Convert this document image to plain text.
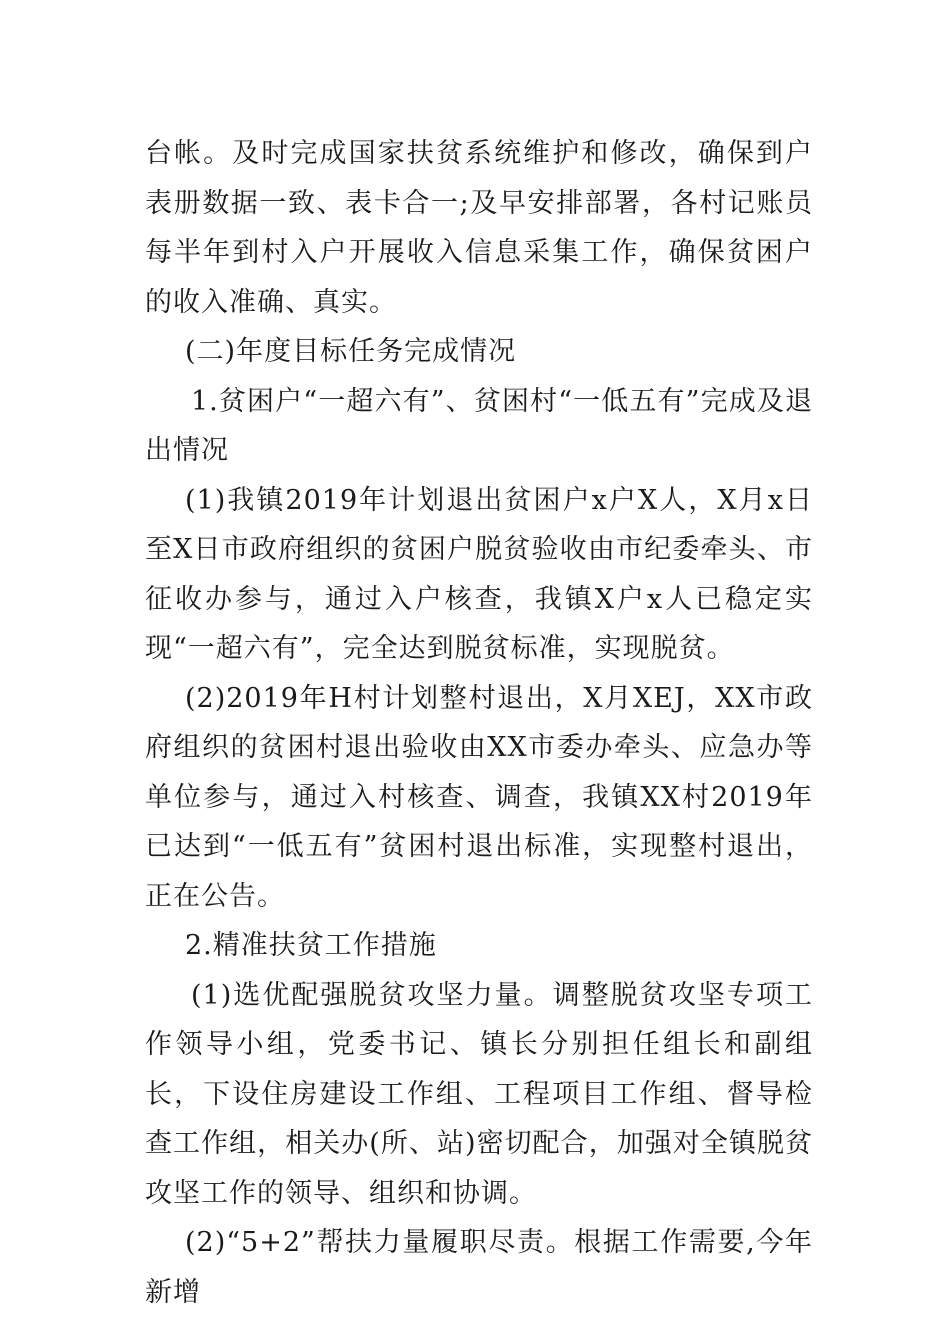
台帐。及时完成国家扶贫系统维护和修改，确保到户表册数据一致、表卡合一;及早安排部署，各村记账员每半年到村入户开展收入信息采集工作，确保贫困户的收入准确、真实。

(二)年度目标任务完成情况

1.贫困户“一超六有”、贫困村“一低五有”完成及退出情况

(1)我镇2019年计划退出贫困户x户X人，X月x日至X日市政府组织的贫困户脱贫验收由市纪委牵头、市征收办参与，通过入户核查，我镇X户x人已稳定实现“一超六有”，完全达到脱贫标准，实现脱贫。

(2)2019年H村计划整村退出，X月XEJ，XX市政府组织的贫困村退出验收由XX市委办牵头、应急办等单位参与，通过入村核查、调查，我镇XX村2019年已达到“一低五有”贫困村退出标准，实现整村退出，正在公告。

2.精准扶贫工作措施

(1)选优配强脱贫攻坚力量。调整脱贫攻坚专项工作领导小组，党委书记、镇长分别担任组长和副组长，下设住房建设工作组、工程项目工作组、督导检查工作组，相关办(所、站)密切配合，加强对全镇脱贫攻坚工作的领导、组织和协调。

(2)“5+2”帮扶力量履职尽责。根据工作需要,今年新增
